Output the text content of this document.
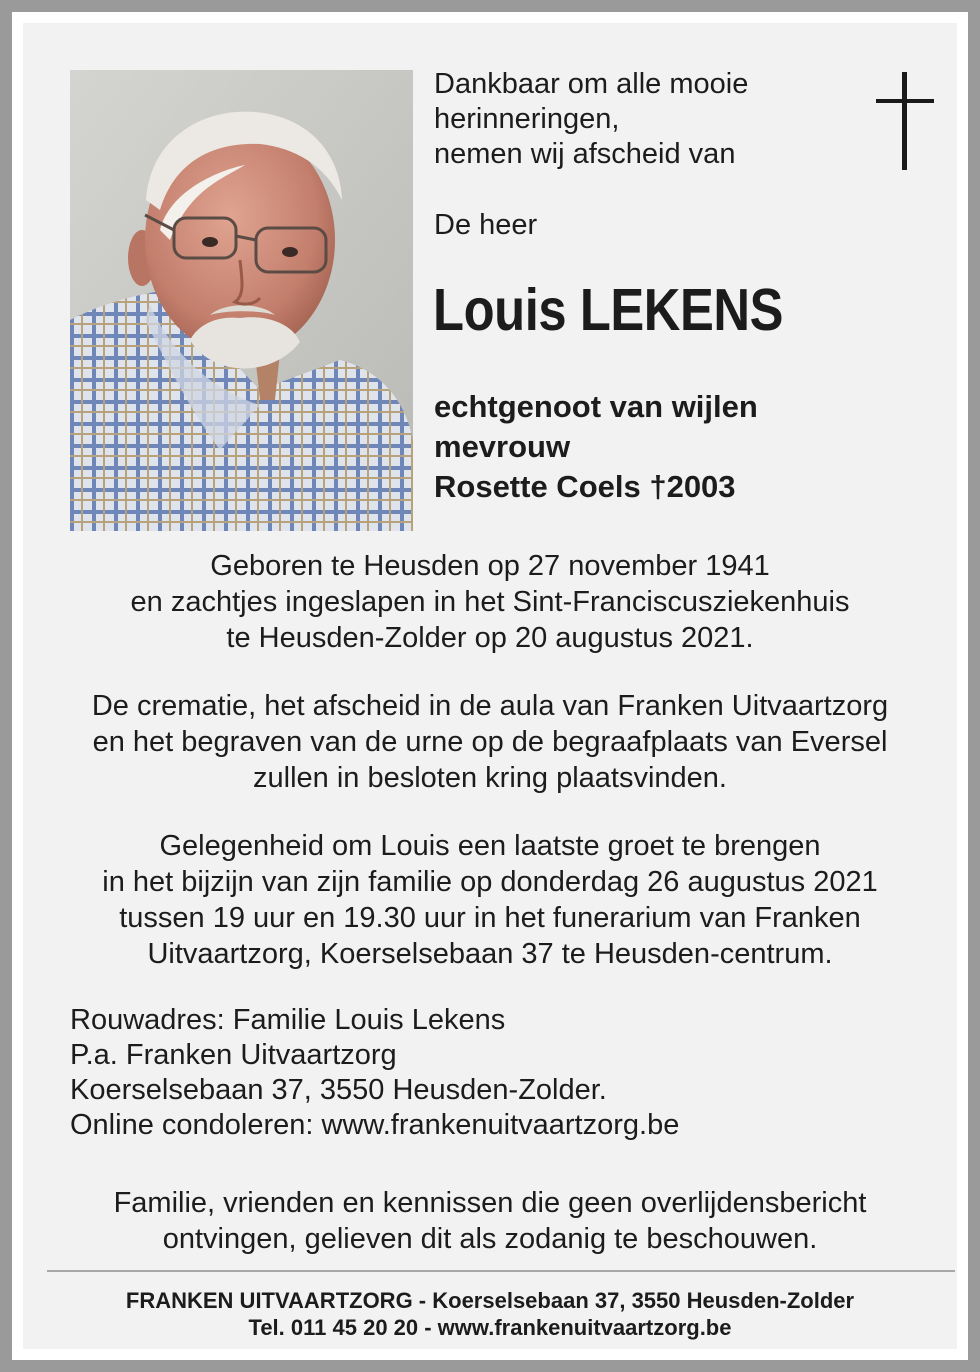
Dankbaar om alle mooie
herinneringen,
nemen wij afscheid van
De heer
Louis LEKENS
echtgenoot van wijlen
mevrouw
Rosette Coels †2003
Geboren te Heusden op 27 november 1941
en zachtjes ingeslapen in het Sint-Franciscusziekenhuis
te Heusden-Zolder op 20 augustus 2021.
De crematie, het afscheid in de aula van Franken Uitvaartzorg
en het begraven van de urne op de begraafplaats van Eversel
zullen in besloten kring plaatsvinden.
Gelegenheid om Louis een laatste groet te brengen
in het bijzijn van zijn familie op donderdag 26 augustus 2021
tussen 19 uur en 19.30 uur in het funerarium van Franken
Uitvaartzorg, Koerselsebaan 37 te Heusden-centrum.
Rouwadres: Familie Louis Lekens
P.a. Franken Uitvaartzorg
Koerselsebaan 37, 3550 Heusden-Zolder.
Online condoleren: www.frankenuitvaartzorg.be
Familie, vrienden en kennissen die geen overlijdensbericht
ontvingen, gelieven dit als zodanig te beschouwen.
FRANKEN UITVAARTZORG - Koerselsebaan 37, 3550 Heusden-Zolder
Tel. 011 45 20 20 - www.frankenuitvaartzorg.be
